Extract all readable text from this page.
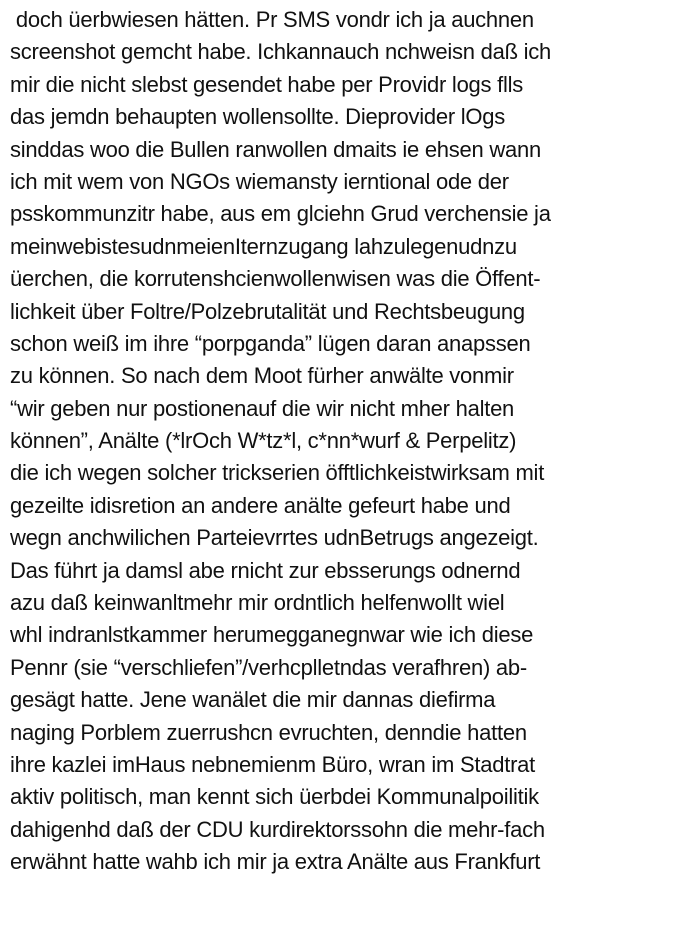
doch üerbwiesen hätten. Pr SMS vondr ich ja auchnen
screenshot gemcht habe. Ichkannauch nchweisn daß ich
mir die nicht slebst gesendet habe per Providr logs flls
das jemdn behaupten wollensollte. Dieprovider lOgs
sinddas woo die Bullen ranwollen dmaits ie ehsen wann
ich mit wem von NGOs wiemansty ierntional ode der
psskommunzitr habe, aus em glciehn Grud verchensie ja
meinwebistesudnmeienIternzugang lahzulegenudnzu
üerchen, die korrutenshcienwollenwisen was die Öffent-
lichkeit über Foltre/Polzebrutalität und Rechtsbeugung
schon weiß im ihre “porpganda” lügen daran anapssen
zu können. So nach dem Moot fürher anwälte vonmir
“wir geben nur postionenauf die wir nicht mher halten
können”, Anälte (*lrOch W*tz*l, c*nn*wurf & Perpelitz)
die ich wegen solcher trickserien öfftlichkeistwirksam mit
gezeilte idisretion an andere anälte gefeurt habe und
wegn anchwilichen Parteievrrtes udnBetrugs angezeigt.
Das führt ja damsl abe rnicht zur ebsserungs odnernd
azu daß keinwanltmehr mir ordntlich helfenwollt wiel
whl indranlstkammer herumegganegnwar wie ich diese
Pennr (sie “verschliefen”/verhcplletndas verafhren) ab-
gesägt hatte. Jene wanälet die mir dannas diefirma
naging Porblem zuerrushcn evruchten, denndie hatten
ihre kazlei imHaus nebnemienm Büro, wran im Stadtrat
aktiv politisch, man kennt sich üerbdei Kommunalpoilitik
dahigenhd daß der CDU kurdirektorssohn die mehr-fach
erwähnt hatte wahb ich mir ja extra Anälte aus Frankfurt
